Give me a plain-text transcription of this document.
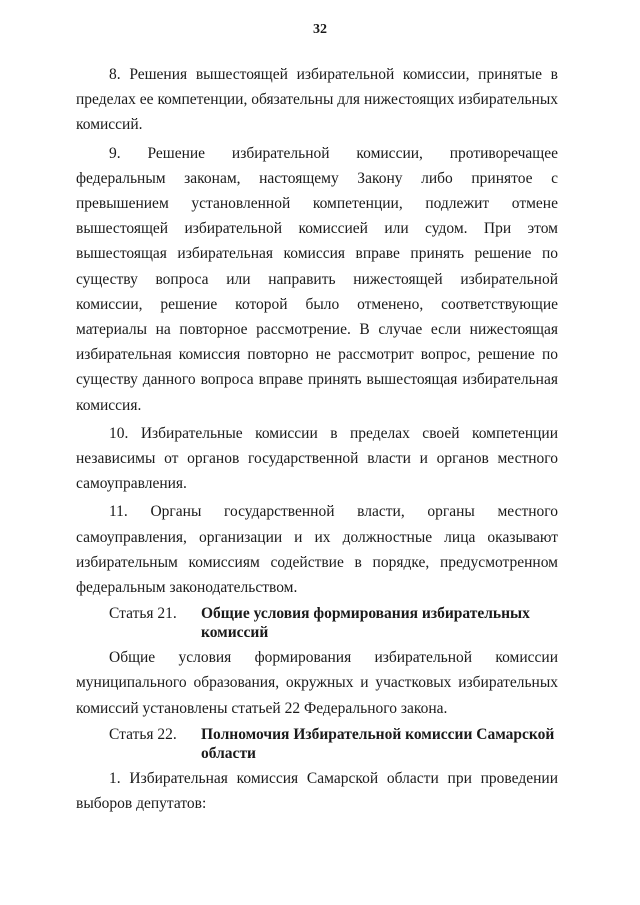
32

8. Решения вышестоящей избирательной комиссии, принятые в пределах ее компетенции, обязательны для нижестоящих избирательных комиссий.

9. Решение избирательной комиссии, противоречащее федеральным законам, настоящему Закону либо принятое с превышением установленной компетенции, подлежит отмене вышестоящей избирательной комиссией или судом. При этом вышестоящая избирательная комиссия вправе принять решение по существу вопроса или направить нижестоящей избирательной комиссии, решение которой было отменено, соответствующие материалы на повторное рассмотрение. В случае если нижестоящая избирательная комиссия повторно не рассмотрит вопрос, решение по существу данного вопроса вправе принять вышестоящая избирательная комиссия.

10. Избирательные комиссии в пределах своей компетенции независимы от органов государственной власти и органов местного самоуправления.

11. Органы государственной власти, органы местного самоуправления, организации и их должностные лица оказывают избирательным комиссиям содействие в порядке, предусмотренном федеральным законодательством.

Статья 21.	Общие условия формирования избирательных комиссий

Общие условия формирования избирательной комиссии муниципального образования, окружных и участковых избирательных комиссий установлены статьей 22 Федерального закона.

Статья 22.	Полномочия Избирательной комиссии Самарской области

1. Избирательная комиссия Самарской области при проведении выборов депутатов:
